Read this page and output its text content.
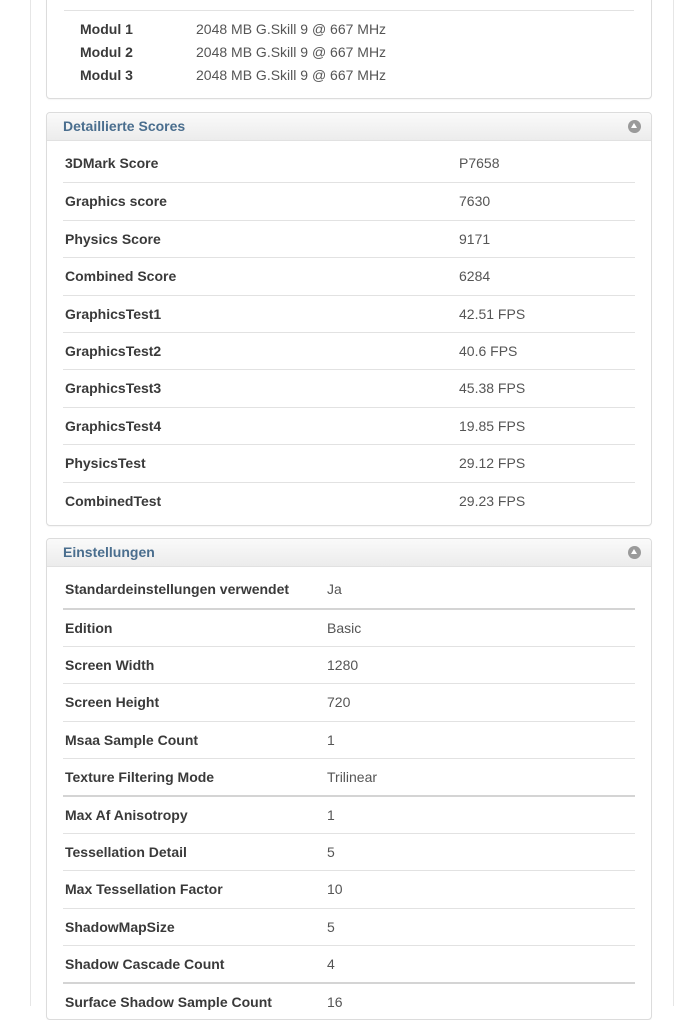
Modul 1	2048 MB G.Skill 9 @ 667 MHz
Modul 2	2048 MB G.Skill 9 @ 667 MHz
Modul 3	2048 MB G.Skill 9 @ 667 MHz
Detaillierte Scores
3DMark Score	P7658
Graphics score	7630
Physics Score	9171
Combined Score	6284
GraphicsTest1	42.51 FPS
GraphicsTest2	40.6 FPS
GraphicsTest3	45.38 FPS
GraphicsTest4	19.85 FPS
PhysicsTest	29.12 FPS
CombinedTest	29.23 FPS
Einstellungen
Standardeinstellungen verwendet	Ja
Edition	Basic
Screen Width	1280
Screen Height	720
Msaa Sample Count	1
Texture Filtering Mode	Trilinear
Max Af Anisotropy	1
Tessellation Detail	5
Max Tessellation Factor	10
ShadowMapSize	5
Shadow Cascade Count	4
Surface Shadow Sample Count	16
